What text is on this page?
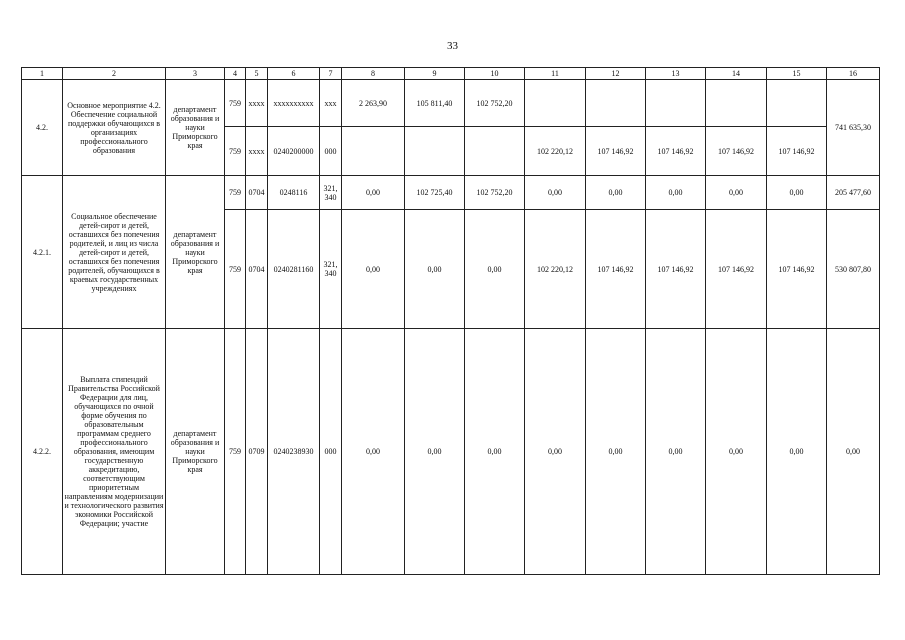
33
1	2	3	4	5	6	7	8	9	10	11	12	13	14	15	16
4.2.	Основное мероприятие 4.2. Обеспечение социальной поддержки обучающихся в организациях профессионального образования	департамент образования и науки Приморского края	759	xxxx	xxxxxxxxxx	xxx	2 263,90	105 811,40	102 752,20						741 635,30
			759	xxxx	0240200000	000				102 220,12	107 146,92	107 146,92	107 146,92	107 146,92	
4.2.1.	Социальное обеспечение детей-сирот и детей, оставшихся без попечения родителей, и лиц из числа детей-сирот и детей, оставшихся без попечения родителей, обучающихся в краевых государственных учреждениях	департамент образования и науки Приморского края	759	0704	0248116	321, 340	0,00	102 725,40	102 752,20	0,00	0,00	0,00	0,00	0,00	205 477,60
			759	0704	0240281160	321, 340	0,00	0,00	0,00	102 220,12	107 146,92	107 146,92	107 146,92	107 146,92	530 807,80
4.2.2.	Выплата стипендий Правительства Российской Федерации для лиц, обучающихся по очной форме обучения по образовательным программам среднего профессионального образования, имеющим государственную аккредитацию, соответствующим приоритетным направлениям модернизации и технологического развития экономики Российской Федерации; участие	департамент образования и науки Приморского края	759	0709	0240238930	000	0,00	0,00	0,00	0,00	0,00	0,00	0,00	0,00	0,00
